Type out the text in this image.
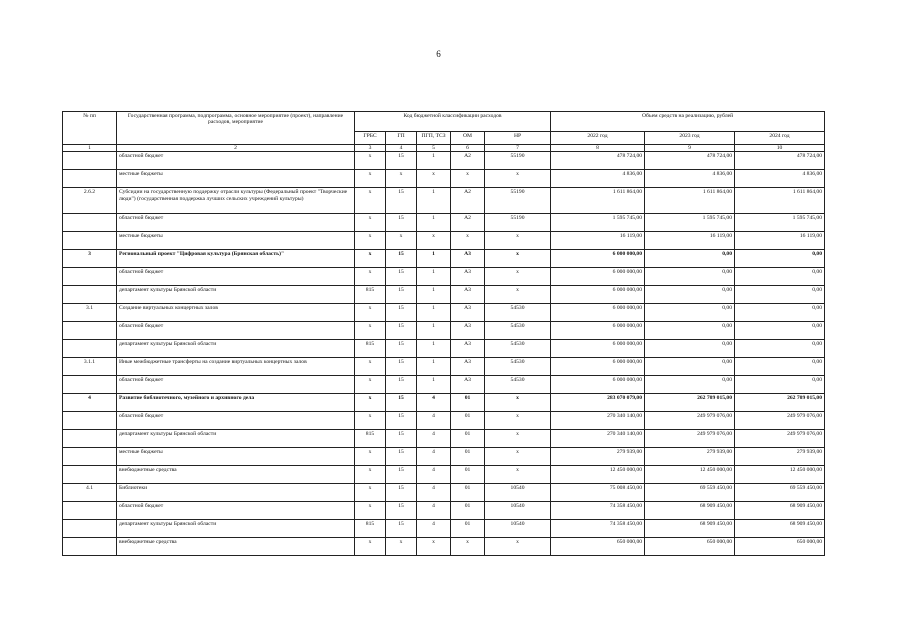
6
№ пп	Государственная программа, подпрограмма, основное мероприятие (проект), направление расходов, мероприятие	Код бюджетной классификации расходов					Объем средств на реализацию, рублей		
		ГРБС	ГП	ПГП, ТСЗ	ОМ	НР	2022 год	2023 год	2024 год
1	2	3	4	5	6	7	8	9	10
	областной бюджет	x	15	1	A2	55190	478 724,00	478 724,00	478 724,00
	местные бюджеты	x	x	x	x	x	4 836,00	4 836,00	4 836,00
2.6.2	Субсидии на государственную поддержку отрасли культуры (Федеральный проект "Творческие люди") (государственная поддержка лучших сельских учреждений культуры)	x	15	1	A2	55190	1 611 864,00	1 611 864,00	1 611 864,00
	областной бюджет	x	15	1	A2	55190	1 595 745,00	1 595 745,00	1 595 745,00
	местные бюджеты	x	x	x	x	x	16 119,00	16 119,00	16 119,00
3	Региональный проект "Цифровая культура (Брянская область)"	x	15	1	A3	x	6 000 000,00	0,00	0,00
	областной бюджет	x	15	1	A3	x	6 000 000,00	0,00	0,00
	департамент культуры Брянской области	815	15	1	A3	x	6 000 000,00	0,00	0,00
3.1	Создание виртуальных концертных залов	x	15	1	A3	54530	6 000 000,00	0,00	0,00
	областной бюджет	x	15	1	A3	54530	6 000 000,00	0,00	0,00
	департамент культуры Брянской области	815	15	1	A3	54530	6 000 000,00	0,00	0,00
3.1.1	Иные межбюджетные трансферты на создание виртуальных концертных залов	x	15	1	A3	54530	6 000 000,00	0,00	0,00
	областной бюджет	x	15	1	A3	54530	6 000 000,00	0,00	0,00
4	Развитие библиотечного, музейного и архивного дела	x	15	4	01	x	283 070 079,00	262 709 015,00	262 709 015,00
	областной бюджет	x	15	4	01	x	270 340 140,00	249 979 076,00	249 979 076,00
	департамент культуры Брянской области	815	15	4	01	x	270 340 140,00	249 979 076,00	249 979 076,00
	местные бюджеты	x	15	4	01	x	279 939,00	279 939,00	279 939,00
	внебюджетные средства	x	15	4	01	x	12 450 000,00	12 450 000,00	12 450 000,00
4.1	Библиотеки	x	15	4	01	10540	75 008 450,00	69 559 450,00	69 559 450,00
	областной бюджет	x	15	4	01	10540	74 358 450,00	68 909 450,00	68 909 450,00
	департамент культуры Брянской области	815	15	4	01	10540	74 358 450,00	68 909 450,00	68 909 450,00
	внебюджетные средства	x	x	x	x	x	650 000,00	650 000,00	650 000,00
